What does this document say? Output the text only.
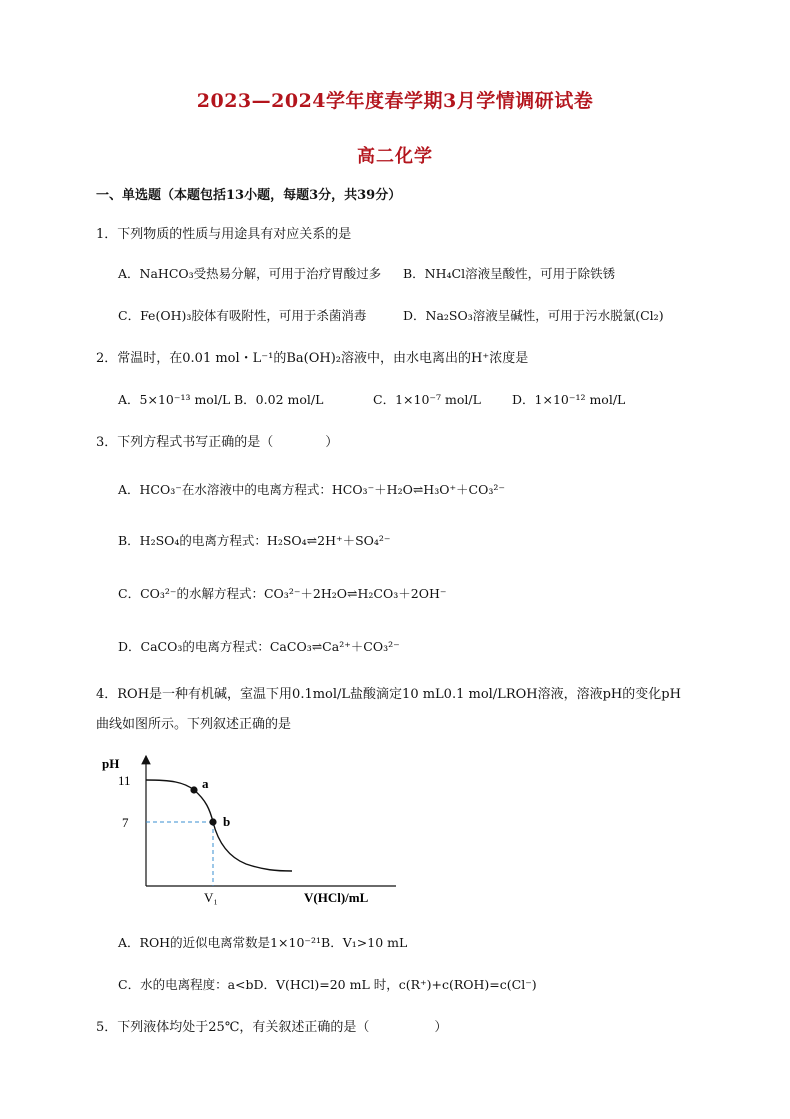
2023—2024学年度春学期3月学情调研试卷
高二化学
一、单选题（本题包括13小题，每题3分，共39分）
1．下列物质的性质与用途具有对应关系的是
A．NaHCO₃受热易分解，可用于治疗胃酸过多 B．NH₄Cl溶液呈酸性，可用于除铁锈
C．Fe(OH)₃胶体有吸附性，可用于杀菌消毒	D．Na₂SO₃溶液呈碱性，可用于污水脱氯(Cl₂)
2．常温时，在0.01 mol・L⁻¹的Ba(OH)₂溶液中，由水电离出的H⁺浓度是
A．5×10⁻¹³ mol/L B．0.02 mol/L	C．1×10⁻⁷ mol/L D．1×10⁻¹² mol/L
3．下列方程式书写正确的是（　　　　）
A．HCO₃⁻在水溶液中的电离方程式：HCO₃⁻＋H₂O⇌H₃O⁺＋CO₃²⁻
B．H₂SO₄的电离方程式：H₂SO₄⇌2H⁺＋SO₄²⁻
C．CO₃²⁻的水解方程式：CO₃²⁻＋2H₂O⇌H₂CO₃＋2OH⁻
D．CaCO₃的电离方程式：CaCO₃⇌Ca²⁺＋CO₃²⁻
4．ROH是一种有机碱，室温下用0.1mol/L盐酸滴定10 mL0.1 mol/LROH溶液，溶液pH的变化pH
曲线如图所示。下列叙述正确的是
pH
V(HCl)/mL
11
7
V₁
a
b
A．ROH的近似电离常数是1×10⁻²¹B．V₁>10 mL
C．水的电离程度：a<bD．V(HCl)=20 mL 时，c(R⁺)+c(ROH)=c(Cl⁻)
5．下列液体均处于25℃，有关叙述正确的是（　　　　　）
